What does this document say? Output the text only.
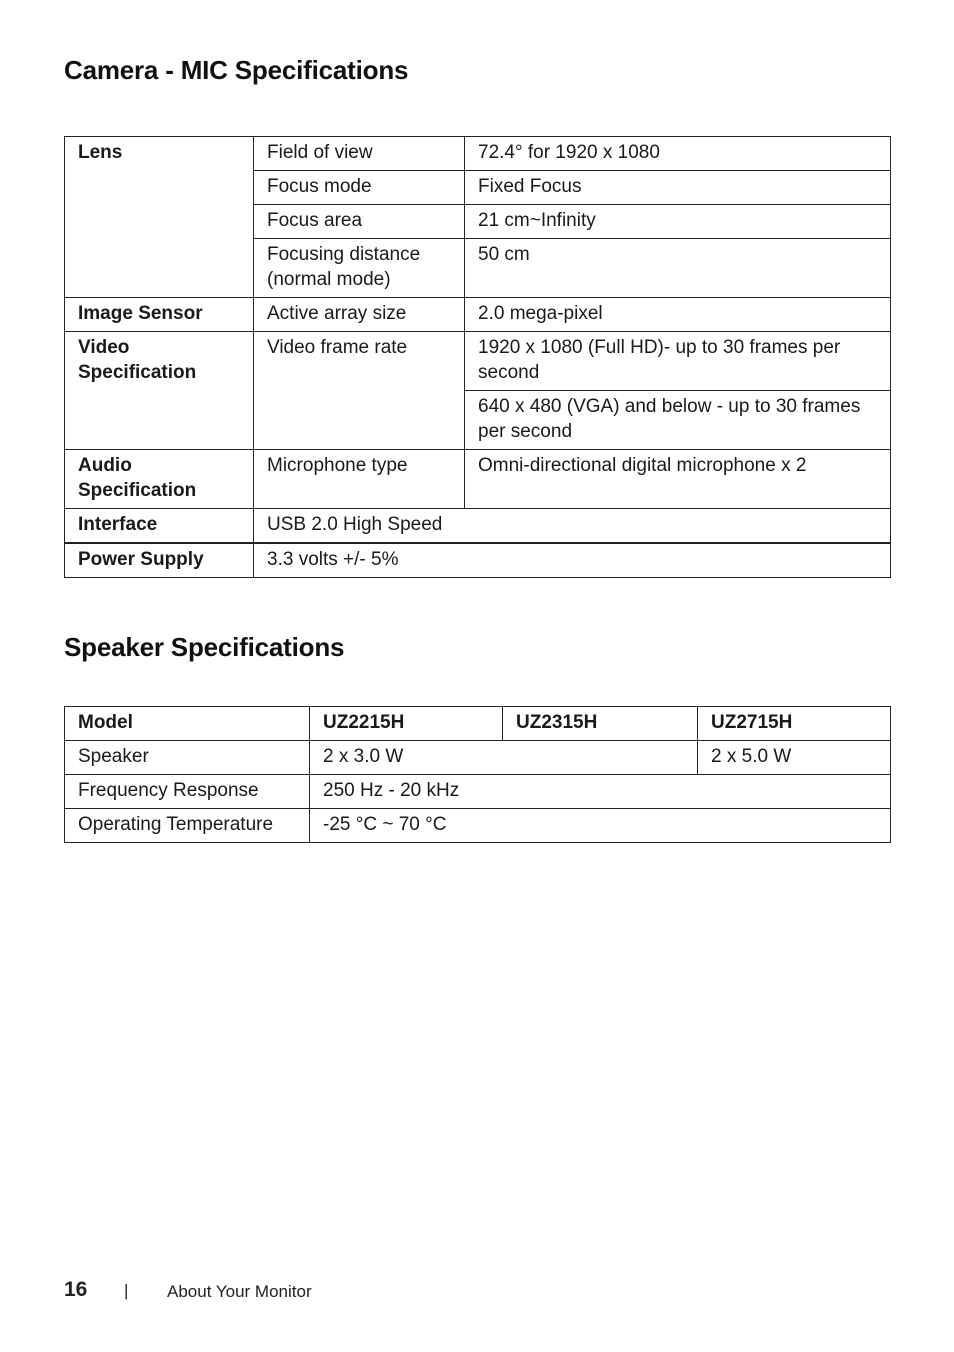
Camera - MIC Specifications
Lens	Field of view	72.4° for 1920 x 1080
	Focus mode	Fixed Focus
	Focus area	21 cm~Infinity
	Focusing distance (normal mode)	50 cm
Image Sensor	Active array size	2.0 mega-pixel
Video Specification	Video frame rate	1920 x 1080 (Full HD)- up to 30 frames per second
		640 x 480 (VGA) and below - up to 30 frames per second
Audio Specification	Microphone type	Omni-directional digital microphone x 2
Interface	USB 2.0 High Speed	
Power Supply	3.3 volts +/- 5%	
Speaker Specifications
Model	UZ2215H	UZ2315H	UZ2715H
Speaker	2 x 3.0 W		2 x 5.0 W
Frequency Response	250 Hz - 20 kHz		
Operating Temperature	-25 °C ~ 70 °C		
16 | About Your Monitor
